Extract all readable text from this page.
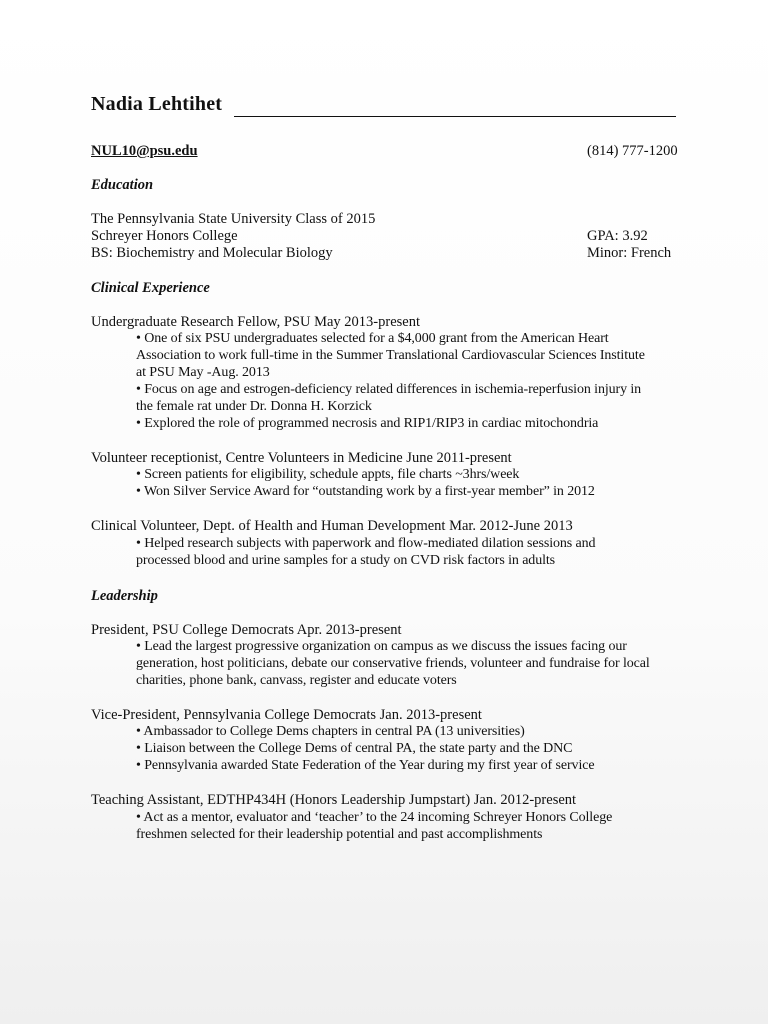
Nadia Lehtihet
NUL10@psu.edu	(814) 777-1200
Education
The Pennsylvania State University Class of 2015
Schreyer Honors College	GPA: 3.92
BS: Biochemistry and Molecular Biology	Minor: French
Clinical Experience
Undergraduate Research Fellow, PSU May 2013-present
• One of six PSU undergraduates selected for a $4,000 grant from the American Heart
Association to work full-time in the Summer Translational Cardiovascular Sciences Institute
at PSU May -Aug. 2013
• Focus on age and estrogen-deficiency related differences in ischemia-reperfusion injury in
the female rat under Dr. Donna H. Korzick
• Explored the role of programmed necrosis and RIP1/RIP3 in cardiac mitochondria
Volunteer receptionist, Centre Volunteers in Medicine June 2011-present
• Screen patients for eligibility, schedule appts, file charts ~3hrs/week
• Won Silver Service Award for “outstanding work by a first-year member” in 2012
Clinical Volunteer, Dept. of Health and Human Development Mar. 2012-June 2013
• Helped research subjects with paperwork and flow-mediated dilation sessions and
processed blood and urine samples for a study on CVD risk factors in adults
Leadership
President, PSU College Democrats Apr. 2013-present
• Lead the largest progressive organization on campus as we discuss the issues facing our
generation, host politicians, debate our conservative friends, volunteer and fundraise for local
charities, phone bank, canvass, register and educate voters
Vice-President, Pennsylvania College Democrats Jan. 2013-present
• Ambassador to College Dems chapters in central PA (13 universities)
• Liaison between the College Dems of central PA, the state party and the DNC
• Pennsylvania awarded State Federation of the Year during my first year of service
Teaching Assistant, EDTHP434H (Honors Leadership Jumpstart) Jan. 2012-present
• Act as a mentor, evaluator and ‘teacher’ to the 24 incoming Schreyer Honors College
freshmen selected for their leadership potential and past accomplishments
